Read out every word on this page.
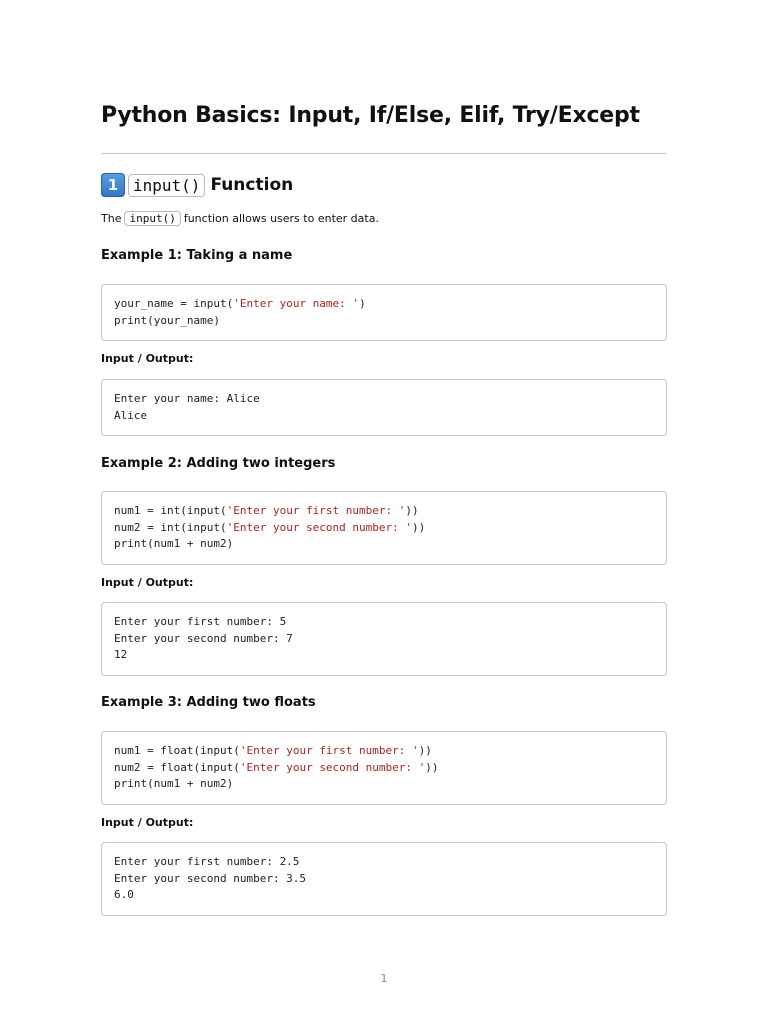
Python Basics: Input, If/Else, Elif, Try/Except
1 input() Function
The input() function allows users to enter data.
Example 1: Taking a name
your_name = input('Enter your name: ')
print(your_name)
Input / Output:
Enter your name: Alice
Alice
Example 2: Adding two integers
num1 = int(input('Enter your first number: '))
num2 = int(input('Enter your second number: '))
print(num1 + num2)
Input / Output:
Enter your first number: 5
Enter your second number: 7
12
Example 3: Adding two floats
num1 = float(input('Enter your first number: '))
num2 = float(input('Enter your second number: '))
print(num1 + num2)
Input / Output:
Enter your first number: 2.5
Enter your second number: 3.5
6.0
1
